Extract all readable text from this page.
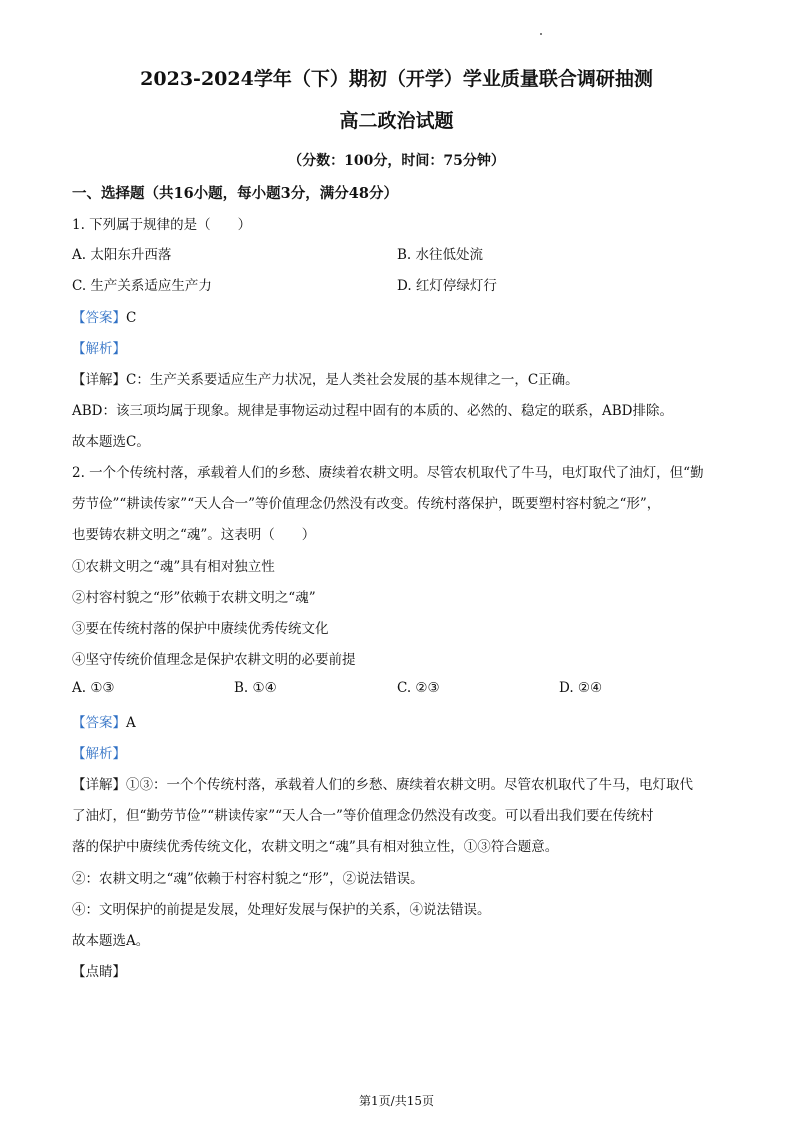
2023-2024学年（下）期初（开学）学业质量联合调研抽测
高二政治试题
（分数：100分，时间：75分钟）
一、选择题（共16小题，每小题3分，满分48分）
1. 下列属于规律的是（　　）
A. 太阳东升西落	B. 水往低处流
C. 生产关系适应生产力	D. 红灯停绿灯行
【答案】C
【解析】
【详解】C：生产关系要适应生产力状况，是人类社会发展的基本规律之一，C正确。
ABD：该三项均属于现象。规律是事物运动过程中固有的本质的、必然的、稳定的联系，ABD排除。
故本题选C。
2. 一个个传统村落，承载着人们的乡愁、赓续着农耕文明。尽管农机取代了牛马，电灯取代了油灯，但“勤
劳节俭”“耕读传家”“天人合一”等价值理念仍然没有改变。传统村落保护，既要塑村容村貌之“形”，
也要铸农耕文明之“魂”。这表明（　　）
①农耕文明之“魂”具有相对独立性
②村容村貌之“形”依赖于农耕文明之“魂”
③要在传统村落的保护中赓续优秀传统文化
④坚守传统价值理念是保护农耕文明的必要前提
A. ①③	B. ①④	C. ②③	D. ②④
【答案】A
【解析】
【详解】①③：一个个传统村落，承载着人们的乡愁、赓续着农耕文明。尽管农机取代了牛马，电灯取代
了油灯，但“勤劳节俭”“耕读传家”“天人合一”等价值理念仍然没有改变。可以看出我们要在传统村
落的保护中赓续优秀传统文化，农耕文明之“魂”具有相对独立性，①③符合题意。
②：农耕文明之“魂”依赖于村容村貌之“形”，②说法错误。
④：文明保护的前提是发展，处理好发展与保护的关系，④说法错误。
故本题选A。
【点睛】
第1页/共15页
